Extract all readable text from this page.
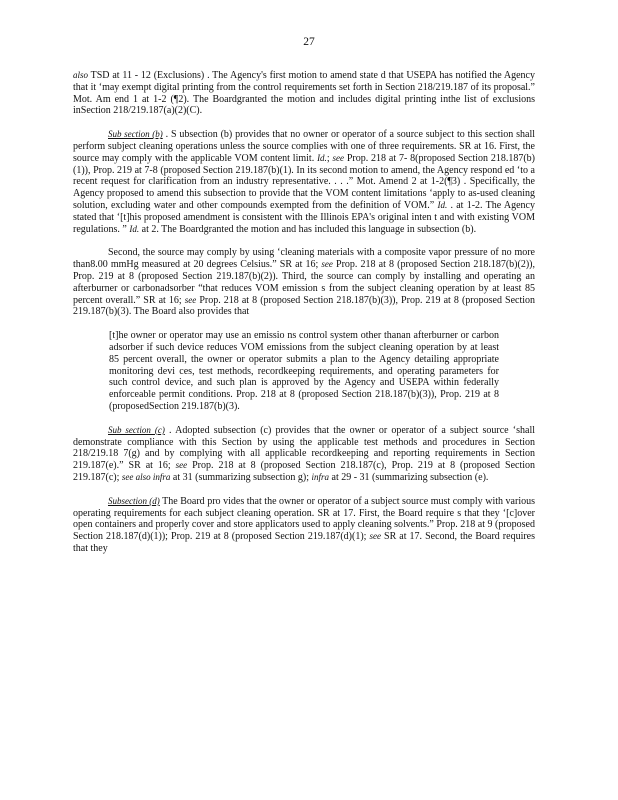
27

also TSD at 11 - 12 (Exclusions) . The Agency's first motion to amend state d that USEPA has notified the Agency that it ‘may exempt digital printing from the control requirements set forth in Section 218/219.187 of its proposal.” Mot. Am end 1 at 1-2 (¶2). The Boardgranted the motion and includes digital printing inthe list of exclusions inSection 218/219.187(a)(2)(C).

Sub section (b) . S ubsection (b) provides that no owner or operator of a source subject to this section shall perform subject cleaning operations unless the source complies with one of three requirements. SR at 16. First, the source may comply with the applicable VOM content limit. Id.; see Prop. 218 at 7- 8(proposed Section 218.187(b)(1)), Prop. 219 at 7-8 (proposed Section 219.187(b)(1). In its second motion to amend, the Agency respond ed ‘to a recent request for clarification from an industry representative. . . .” Mot. Amend 2 at 1-2(¶3) . Specifically, the Agency proposed to amend this subsection to provide that the VOM content limitations ‘apply to as-used cleaning solution, excluding water and other compounds exempted from the definition of VOM.” Id. . at 1-2. The Agency stated that ‘[t]his proposed amendment is consistent with the Illinois EPA's original inten t and with existing VOM regulations. ” Id. at 2. The Boardgranted the motion and has included this language in subsection (b).

Second, the source may comply by using ‘cleaning materials with a composite vapor pressure of no more than8.00 mmHg measured at 20 degrees Celsius.” SR at 16; see Prop. 218 at 8 (proposed Section 218.187(b)(2)), Prop. 219 at 8 (proposed Section 219.187(b)(2)). Third, the source can comply by installing and operating an afterburner or carbonadsorber “that reduces VOM emission s from the subject cleaning operation by at least 85 percent overall.” SR at 16; see Prop. 218 at 8 (proposed Section 218.187(b)(3)), Prop. 219 at 8 (proposed Section 219.187(b)(3). The Board also provides that

[t]he owner or operator may use an emissio ns control system other thanan afterburner or carbon adsorber if such device reduces VOM emissions from the subject cleaning operation by at least 85 percent overall, the owner or operator submits a plan to the Agency detailing appropriate monitoring devi ces, test methods, recordkeeping requirements, and operating parameters for such control device, and such plan is approved by the Agency and USEPA within federally enforceable permit conditions. Prop. 218 at 8 (proposed Section 218.187(b)(3)), Prop. 219 at 8 (proposedSection 219.187(b)(3).

Sub section (c) . Adopted subsection (c) provides that the owner or operator of a subject source ‘shall demonstrate compliance with this Section by using the applicable test methods and procedures in Section 218/219.18 7(g) and by complying with all applicable recordkeeping and reporting requirements in Section 219.187(e).” SR at 16; see Prop. 218 at 8 (proposed Section 218.187(c), Prop. 219 at 8 (proposed Section 219.187(c); see also infra at 31 (summarizing subsection g); infra at 29 - 31 (summarizing subsection (e).

Subsection (d) The Board pro vides that the owner or operator of a subject source must comply with various operating requirements for each subject cleaning operation. SR at 17. First, the Board require s that they ‘[c]over open containers and properly cover and store applicators used to apply cleaning solvents.” Prop. 218 at 9 (proposed Section 218.187(d)(1)); Prop. 219 at 8 (proposed Section 219.187(d)(1); see SR at 17. Second, the Board requires that they
